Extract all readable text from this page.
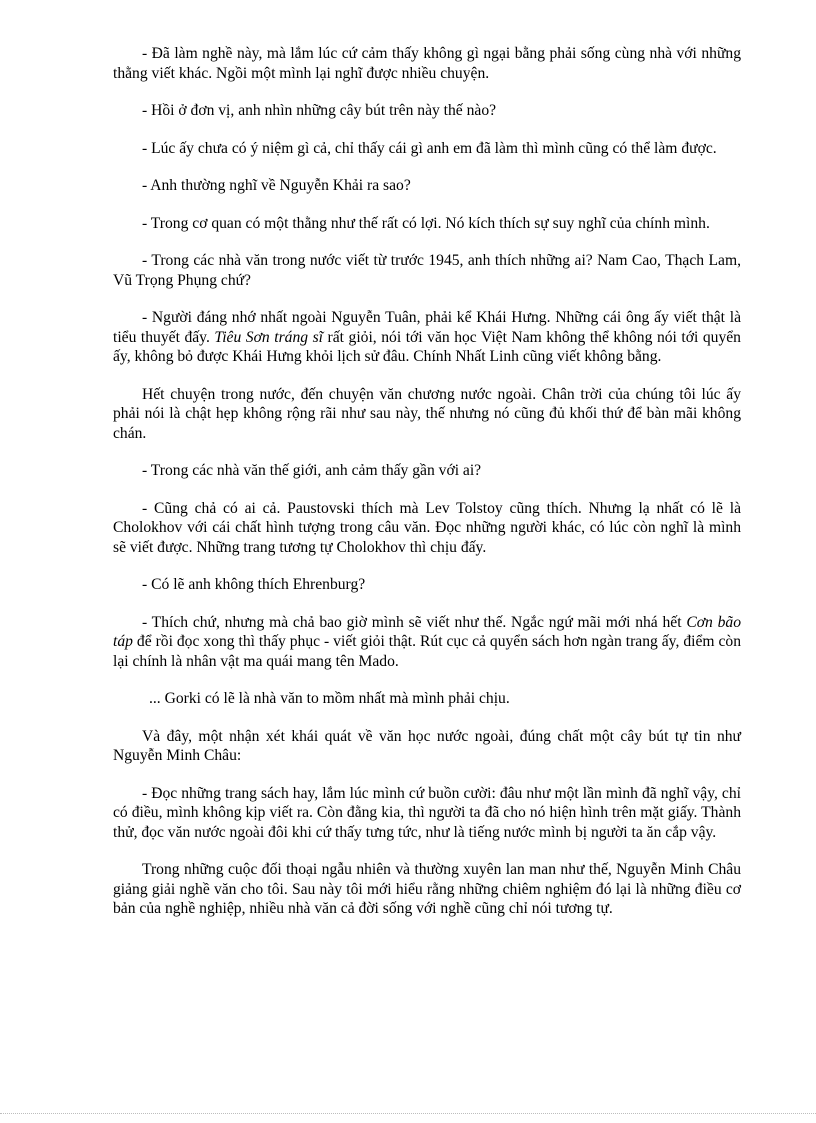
- Đã làm nghề này, mà lắm lúc cứ cảm thấy không gì ngại bằng phải sống cùng nhà với những thằng viết khác. Ngồi một mình lại nghĩ được nhiều chuyện.

- Hồi ở đơn vị, anh nhìn những cây bút trên này thế nào?

- Lúc ấy chưa có ý niệm gì cả, chỉ thấy cái gì anh em đã làm thì mình cũng có thể làm được.

- Anh thường nghĩ về Nguyễn Khải ra sao?

- Trong cơ quan có một thằng như thế rất có lợi. Nó kích thích sự suy nghĩ của chính mình.

- Trong các nhà văn trong nước viết từ trước 1945, anh thích những ai? Nam Cao, Thạch Lam, Vũ Trọng Phụng chứ?

- Người đáng nhớ nhất ngoài Nguyễn Tuân, phải kể Khái Hưng. Những cái ông ấy viết thật là tiểu thuyết đấy. Tiêu Sơn tráng sĩ rất giỏi, nói tới văn học Việt Nam không thể không nói tới quyển ấy, không bỏ được Khái Hưng khỏi lịch sử đâu. Chính Nhất Linh cũng viết không bằng.

Hết chuyện trong nước, đến chuyện văn chương nước ngoài. Chân trời của chúng tôi lúc ấy phải nói là chật hẹp không rộng rãi như sau này, thế nhưng nó cũng đủ khối thứ để bàn mãi không chán.

- Trong các nhà văn thế giới, anh cảm thấy gần với ai?

- Cũng chả có ai cả. Paustovski thích mà Lev Tolstoy cũng thích. Nhưng lạ nhất có lẽ là Cholokhov với cái chất hình tượng trong câu văn. Đọc những người khác, có lúc còn nghĩ là mình sẽ viết được. Những trang tương tự Cholokhov thì chịu đấy.

- Có lẽ anh không thích Ehrenburg?

- Thích chứ, nhưng mà chả bao giờ mình sẽ viết như thế. Ngắc ngứ mãi mới nhá hết Cơn bão táp để rồi đọc xong thì thấy phục - viết giỏi thật. Rút cục cả quyển sách hơn ngàn trang ấy, điểm còn lại chính là nhân vật ma quái mang tên Mado.

... Gorki có lẽ là nhà văn to mồm nhất mà mình phải chịu.

Và đây, một nhận xét khái quát về văn học nước ngoài, đúng chất một cây bút tự tin như Nguyễn Minh Châu:

- Đọc những trang sách hay, lắm lúc mình cứ buồn cười: đâu như một lần mình đã nghĩ vậy, chỉ có điều, mình không kịp viết ra. Còn đằng kia, thì người ta đã cho nó hiện hình trên mặt giấy. Thành thử, đọc văn nước ngoài đôi khi cứ thấy tưng tức, như là tiếng nước mình bị người ta ăn cắp vậy.

Trong những cuộc đối thoại ngẫu nhiên và thường xuyên lan man như thế, Nguyễn Minh Châu giảng giải nghề văn cho tôi. Sau này tôi mới hiểu rằng những chiêm nghiệm đó lại là những điều cơ bản của nghề nghiệp, nhiều nhà văn cả đời sống với nghề cũng chỉ nói tương tự.
